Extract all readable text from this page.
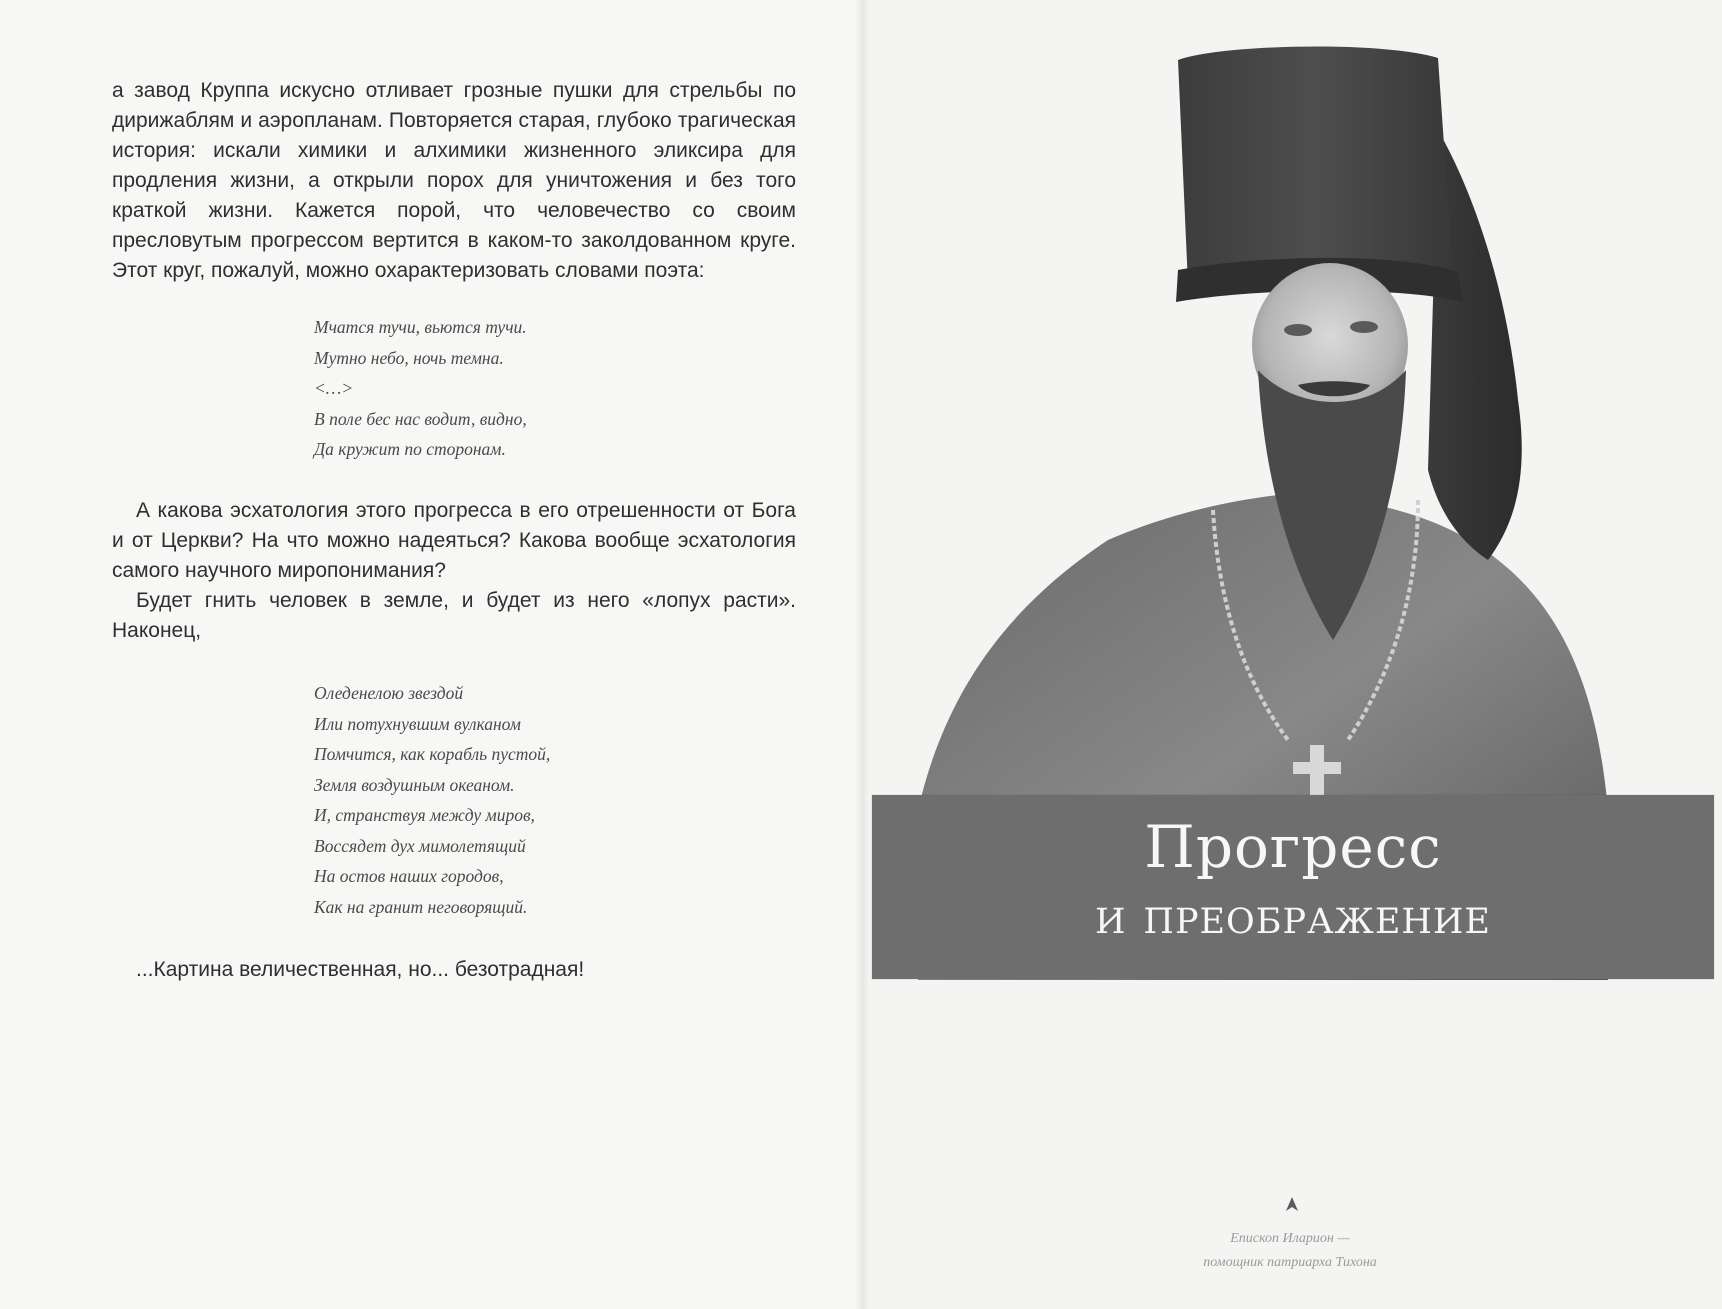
а завод Круппа искусно отливает грозные пушки для стрельбы по дирижаблям и аэропланам. Повторяется старая, глубоко трагическая история: искали химики и алхимики жизненного эликсира для продления жизни, а открыли порох для уничтожения и без того краткой жизни. Кажется порой, что человечество со своим пресловутым прогрессом вертится в каком-то заколдованном круге. Этот круг, пожалуй, можно охарактеризовать словами поэта:

Мчатся тучи, вьются тучи.
Мутно небо, ночь темна.
<…>
В поле бес нас водит, видно,
Да кружит по сторонам.

А какова эсхатология этого прогресса в его отрешенности от Бога и от Церкви? На что можно надеяться? Какова вообще эсхатология самого научного миропонимания?

Будет гнить человек в земле, и будет из него «лопух расти». Наконец,

Оледенелою звездой
Или потухнувшим вулканом
Помчится, как корабль пустой,
Земля воздушным океаном.
И, странствуя между миров,
Воссядет дух мимолетящий
На остов наших городов,
Как на гранит неговорящий.

...Картина величественная, но... безотрадная!

Прогресс
и преображение
Епископ Иларион —
помощник патриарха Тихона
